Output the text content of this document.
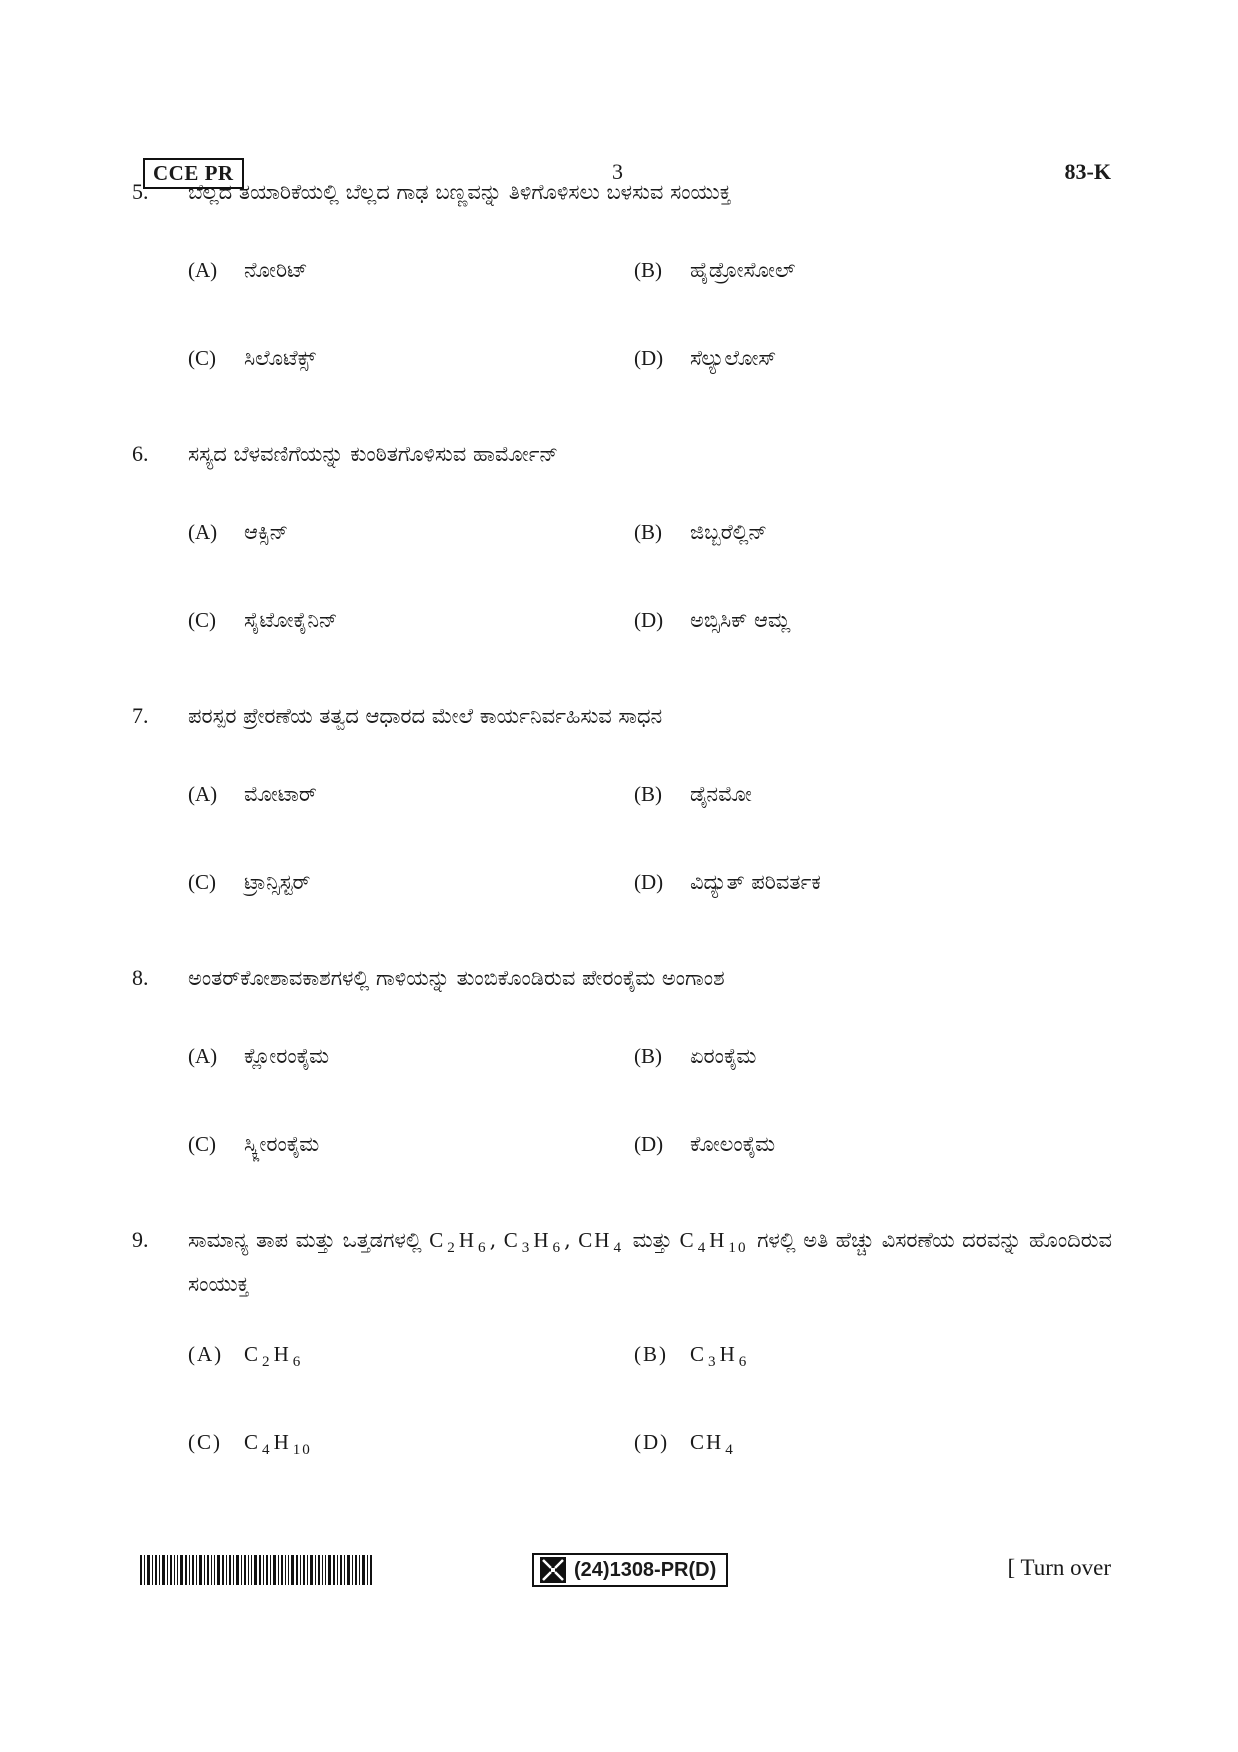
CCE PR	3	83-K
5. ಬೆಲ್ಲದ ತಯಾರಿಕೆಯಲ್ಲಿ ಬೆಲ್ಲದ ಗಾಢ ಬಣ್ಣವನ್ನು ತಿಳಿಗೊಳಿಸಲು ಬಳಸುವ ಸಂಯುಕ್ತ
(A) ನೋರಿಟ್	(B) ಹೈಡ್ರೋಸೋಲ್
(C) ಸಿಲೊಟೆಕ್ಸ್	(D) ಸೆಲ್ಯುಲೋಸ್
6. ಸಸ್ಯದ ಬೆಳವಣಿಗೆಯನ್ನು ಕುಂಠಿತಗೊಳಿಸುವ ಹಾರ್ಮೋನ್
(A) ಆಕ್ಸಿನ್	(B) ಜಿಬ್ಬರೆಲ್ಲಿನ್
(C) ಸೈಟೋಕೈನಿನ್	(D) ಅಬ್ಸಿಸಿಕ್ ಆಮ್ಲ
7. ಪರಸ್ಪರ ಪ್ರೇರಣೆಯ ತತ್ವದ ಆಧಾರದ ಮೇಲೆ ಕಾರ್ಯನಿರ್ವಹಿಸುವ ಸಾಧನ
(A) ಮೋಟಾರ್	(B) ಡೈನಮೋ
(C) ಟ್ರಾನ್ಸಿಸ್ಟರ್	(D) ವಿದ್ಯುತ್ ಪರಿವರ್ತಕ
8. ಅಂತರ್‌ಕೋಶಾವಕಾಶಗಳಲ್ಲಿ ಗಾಳಿಯನ್ನು ತುಂಬಿಕೊಂಡಿರುವ ಪೇರಂಕೈಮ ಅಂಗಾಂಶ
(A) ಕ್ಲೋರಂಕೈಮ	(B) ಏರಂಕೈಮ
(C) ಸ್ಕ್ಲೀರಂಕೈಮ	(D) ಕೋಲಂಕೈಮ
9. ಸಾಮಾನ್ಯ ತಾಪ ಮತ್ತು ಒತ್ತಡಗಳಲ್ಲಿ C $_2$H $_6$, C $_3$H $_6$, CH $_4$ ಮತ್ತು C $_4$H $_{10}$ ಗಳಲ್ಲಿ ಅತಿ ಹೆಚ್ಚು ವಿಸರಣೆಯ ದರವನ್ನು ಹೊಂದಿರುವ ಸಂಯುಕ್ತ
(A) C $_2$H $_6$	(B) C $_3$H $_6$
(C) C $_4$H $_{10}$	(D) CH $_4$
(24)1308-PR(D)	[ Turn over
